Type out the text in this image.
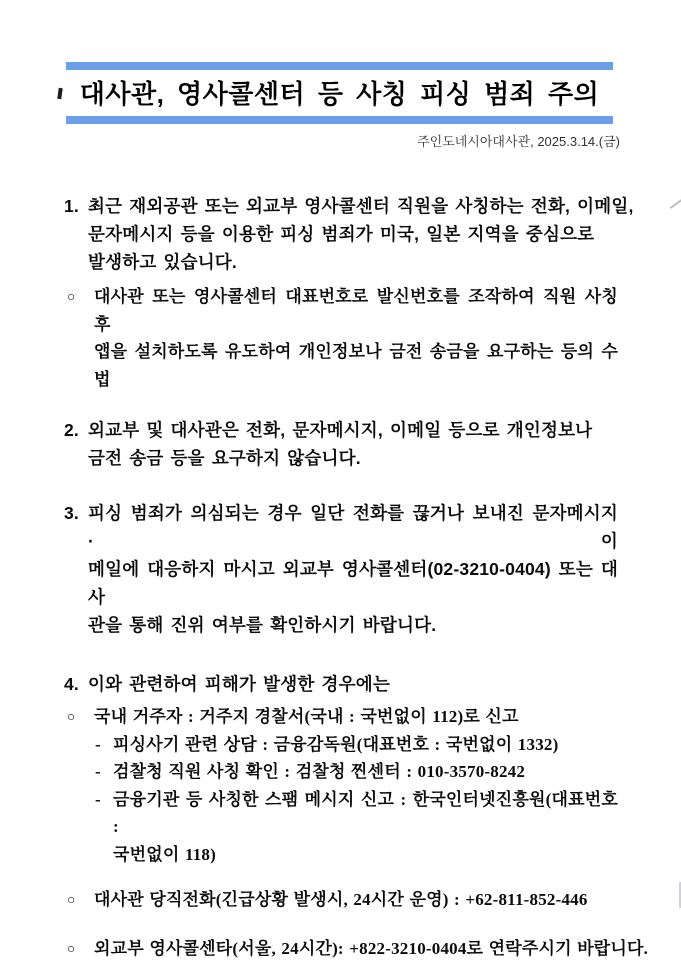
대사관, 영사콜센터 등 사칭 피싱 범죄 주의
주인도네시아대사관, 2025.3.14.(금)
1. 최근 재외공관 또는 외교부 영사콜센터 직원을 사칭하는 전화, 이메일,
문자메시지 등을 이용한 피싱 범죄가 미국, 일본 지역을 중심으로
발생하고 있습니다.
○	대사관 또는 영사콜센터 대표번호로 발신번호를 조작하여 직원 사칭 후
앱을 설치하도록 유도하여 개인정보나 금전 송금을 요구하는 등의 수법
2. 외교부 및 대사관은 전화, 문자메시지, 이메일 등으로 개인정보나
금전 송금 등을 요구하지 않습니다.
3. 피싱 범죄가 의심되는 경우 일단 전화를 끊거나 보내진 문자메시지 · 이
메일에 대응하지 마시고 외교부 영사콜센터(02-3210-0404) 또는 대사
관을 통해 진위 여부를 확인하시기 바랍니다.
4. 이와 관련하여 피해가 발생한 경우에는
○	국내 거주자 : 거주지 경찰서(국내 : 국번없이 112)로 신고
- 피싱사기 관련 상담 : 금융감독원(대표번호 : 국번없이 1332)
- 검찰청 직원 사칭 확인 : 검찰청 찐센터 : 010-3570-8242
- 금융기관 등 사칭한 스팸 메시지 신고 : 한국인터넷진흥원(대표번호 :
국번없이 118)
○	대사관 당직전화(긴급상황 발생시, 24시간 운영) : +62-811-852-446
○	외교부 영사콜센타(서울, 24시간): +822-3210-0404로 연락주시기 바랍니다.
